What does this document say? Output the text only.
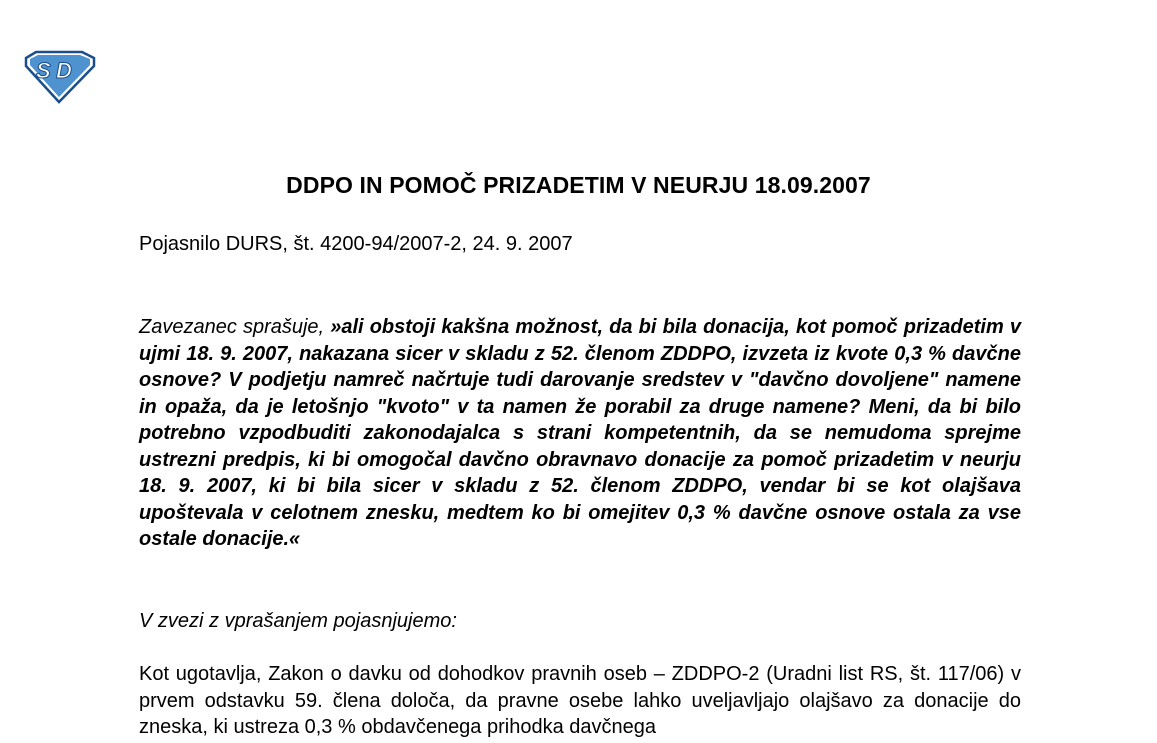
S D
DDPO IN POMOČ PRIZADETIM V NEURJU 18.09.2007
Pojasnilo DURS, št. 4200-94/2007-2, 24. 9. 2007
Zavezanec sprašuje, »ali obstoji kakšna možnost, da bi bila donacija, kot pomoč prizadetim v ujmi 18. 9. 2007, nakazana sicer v skladu z 52. členom ZDDPO, izvzeta iz kvote 0,3 % davčne osnove? V podjetju namreč načrtuje tudi darovanje sredstev v "davčno dovoljene" namene in opaža, da je letošnjo "kvoto" v ta namen že porabil za druge namene? Meni, da bi bilo potrebno vzpodbuditi zakonodajalca s strani kompetentnih, da se nemudoma sprejme ustrezni predpis, ki bi omogočal davčno obravnavo donacije za pomoč prizadetim v neurju 18. 9. 2007, ki bi bila sicer v skladu z 52. členom ZDDPO, vendar bi se kot olajšava upoštevala v celotnem znesku, medtem ko bi omejitev 0,3 % davčne osnove ostala za vse ostale donacije.«
V zvezi z vprašanjem pojasnjujemo:
Kot ugotavlja, Zakon o davku od dohodkov pravnih oseb – ZDDPO-2 (Uradni list RS, št. 117/06) v prvem odstavku 59. člena določa, da pravne osebe lahko uveljavljajo olajšavo za donacije do zneska, ki ustreza 0,3 % obdavčenega prihodka davčnega
